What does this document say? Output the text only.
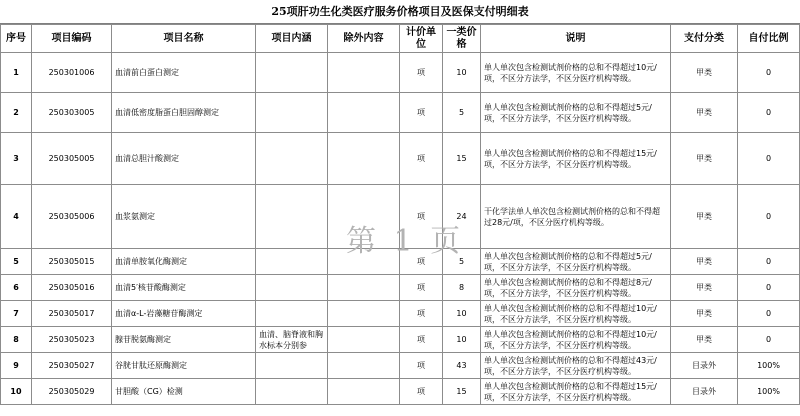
25项肝功生化类医疗服务价格项目及医保支付明细表
序号	项目编码	项目名称	项目内涵	除外内容	计价单位	一类价格	说明	支付分类	自付比例
1	250301006	血清前白蛋白测定			项	10	单人单次包含检测试剂价格的总和不得超过10元/项，不区分方法学，不区分医疗机构等级。	甲类	0
2	250303005	血清低密度脂蛋白胆固醇测定			项	5	单人单次包含检测试剂价格的总和不得超过5元/项，不区分方法学，不区分医疗机构等级。	甲类	0
3	250305005	血清总胆汁酸测定			项	15	单人单次包含检测试剂价格的总和不得超过15元/项，不区分方法学，不区分医疗机构等级。	甲类	0
4	250305006	血浆氨测定			项	24	干化学法单人单次包含检测试剂价格的总和不得超过28元/项，不区分医疗机构等级。	甲类	0
5	250305015	血清单胺氧化酶测定			项	5	单人单次包含检测试剂价格的总和不得超过5元/项，不区分方法学，不区分医疗机构等级。	甲类	0
6	250305016	血清5′核苷酸酶测定			项	8	单人单次包含检测试剂价格的总和不得超过8元/项，不区分方法学，不区分医疗机构等级。	甲类	0
7	250305017	血清α-L-岩藻糖苷酶测定			项	10	单人单次包含检测试剂价格的总和不得超过10元/项，不区分方法学，不区分医疗机构等级。	甲类	0
8	250305023	腺苷脱氨酶测定	血清、脑脊液和胸水标本分别参		项	10	单人单次包含检测试剂价格的总和不得超过10元/项，不区分方法学，不区分医疗机构等级。	甲类	0
9	250305027	谷胱甘肽还原酶测定			项	43	单人单次包含检测试剂价格的总和不得超过43元/项，不区分方法学，不区分医疗机构等级。	目录外	100%
10	250305029	甘胆酸（CG）检测			项	15	单人单次包含检测试剂价格的总和不得超过15元/项，不区分方法学，不区分医疗机构等级。	目录外	100%
第 1 页
